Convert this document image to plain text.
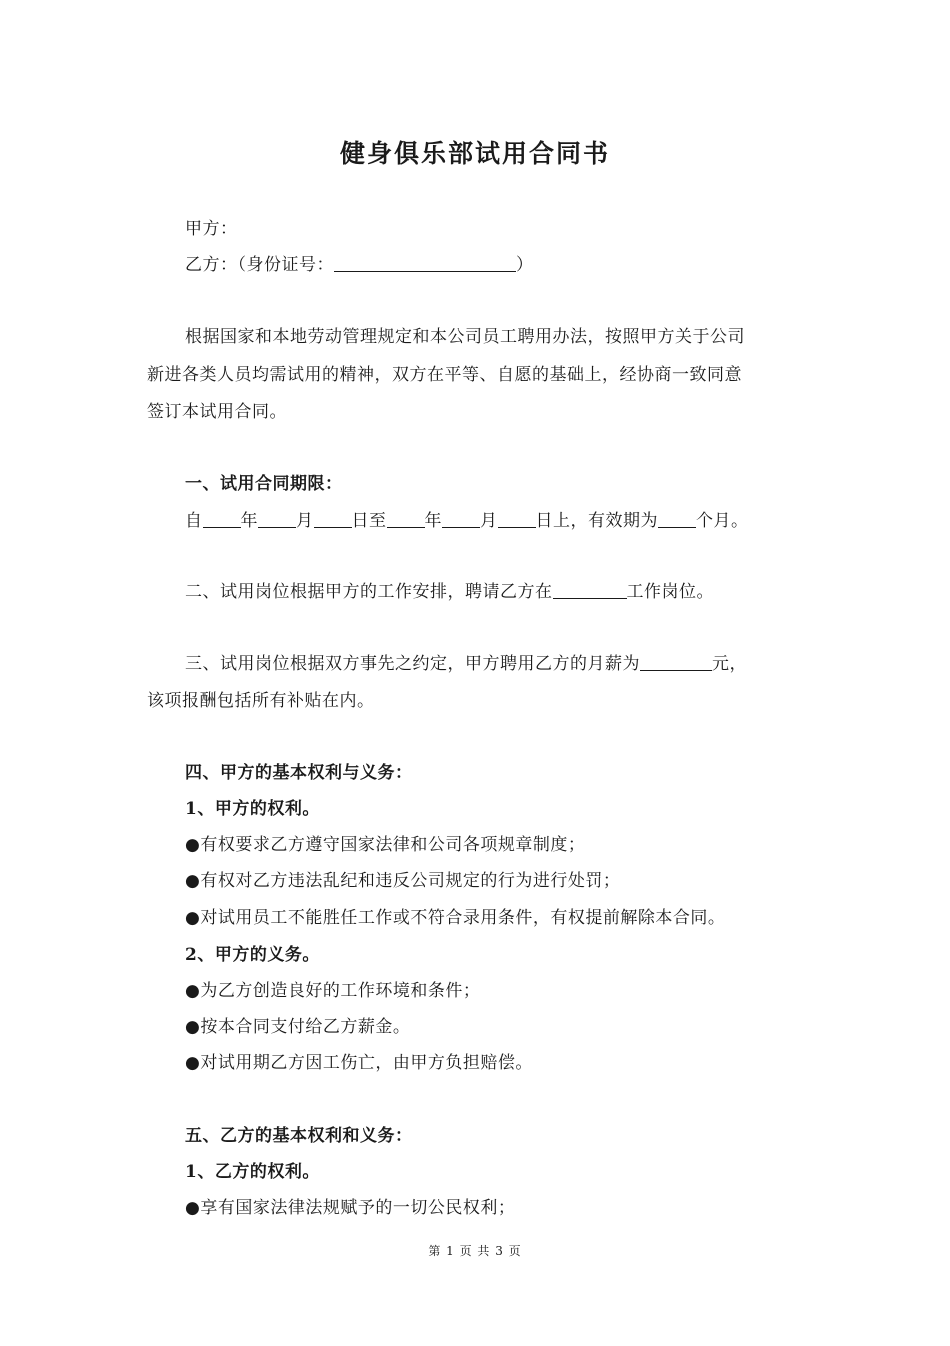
健身俱乐部试用合同书
甲方：
乙方：（身份证号：	）
根据国家和本地劳动管理规定和本公司员工聘用办法，按照甲方关于公司
新进各类人员均需试用的精神，双方在平等、自愿的基础上，经协商一致同意
签订本试用合同。
一、试用合同期限：
自 年 月 日至 年 月 日上，有效期为 个月。
二、试用岗位根据甲方的工作安排，聘请乙方在	工作岗位。
三、试用岗位根据双方事先之约定，甲方聘用乙方的月薪为	元，
该项报酬包括所有补贴在内。
四、甲方的基本权利与义务：
1、甲方的权利。
●有权要求乙方遵守国家法律和公司各项规章制度；
●有权对乙方违法乱纪和违反公司规定的行为进行处罚；
●对试用员工不能胜任工作或不符合录用条件，有权提前解除本合同。
2、甲方的义务。
●为乙方创造良好的工作环境和条件；
●按本合同支付给乙方薪金。
●对试用期乙方因工伤亡，由甲方负担赔偿。
五、乙方的基本权利和义务：
1、乙方的权利。
●享有国家法律法规赋予的一切公民权利；
第 1 页 共 3 页
